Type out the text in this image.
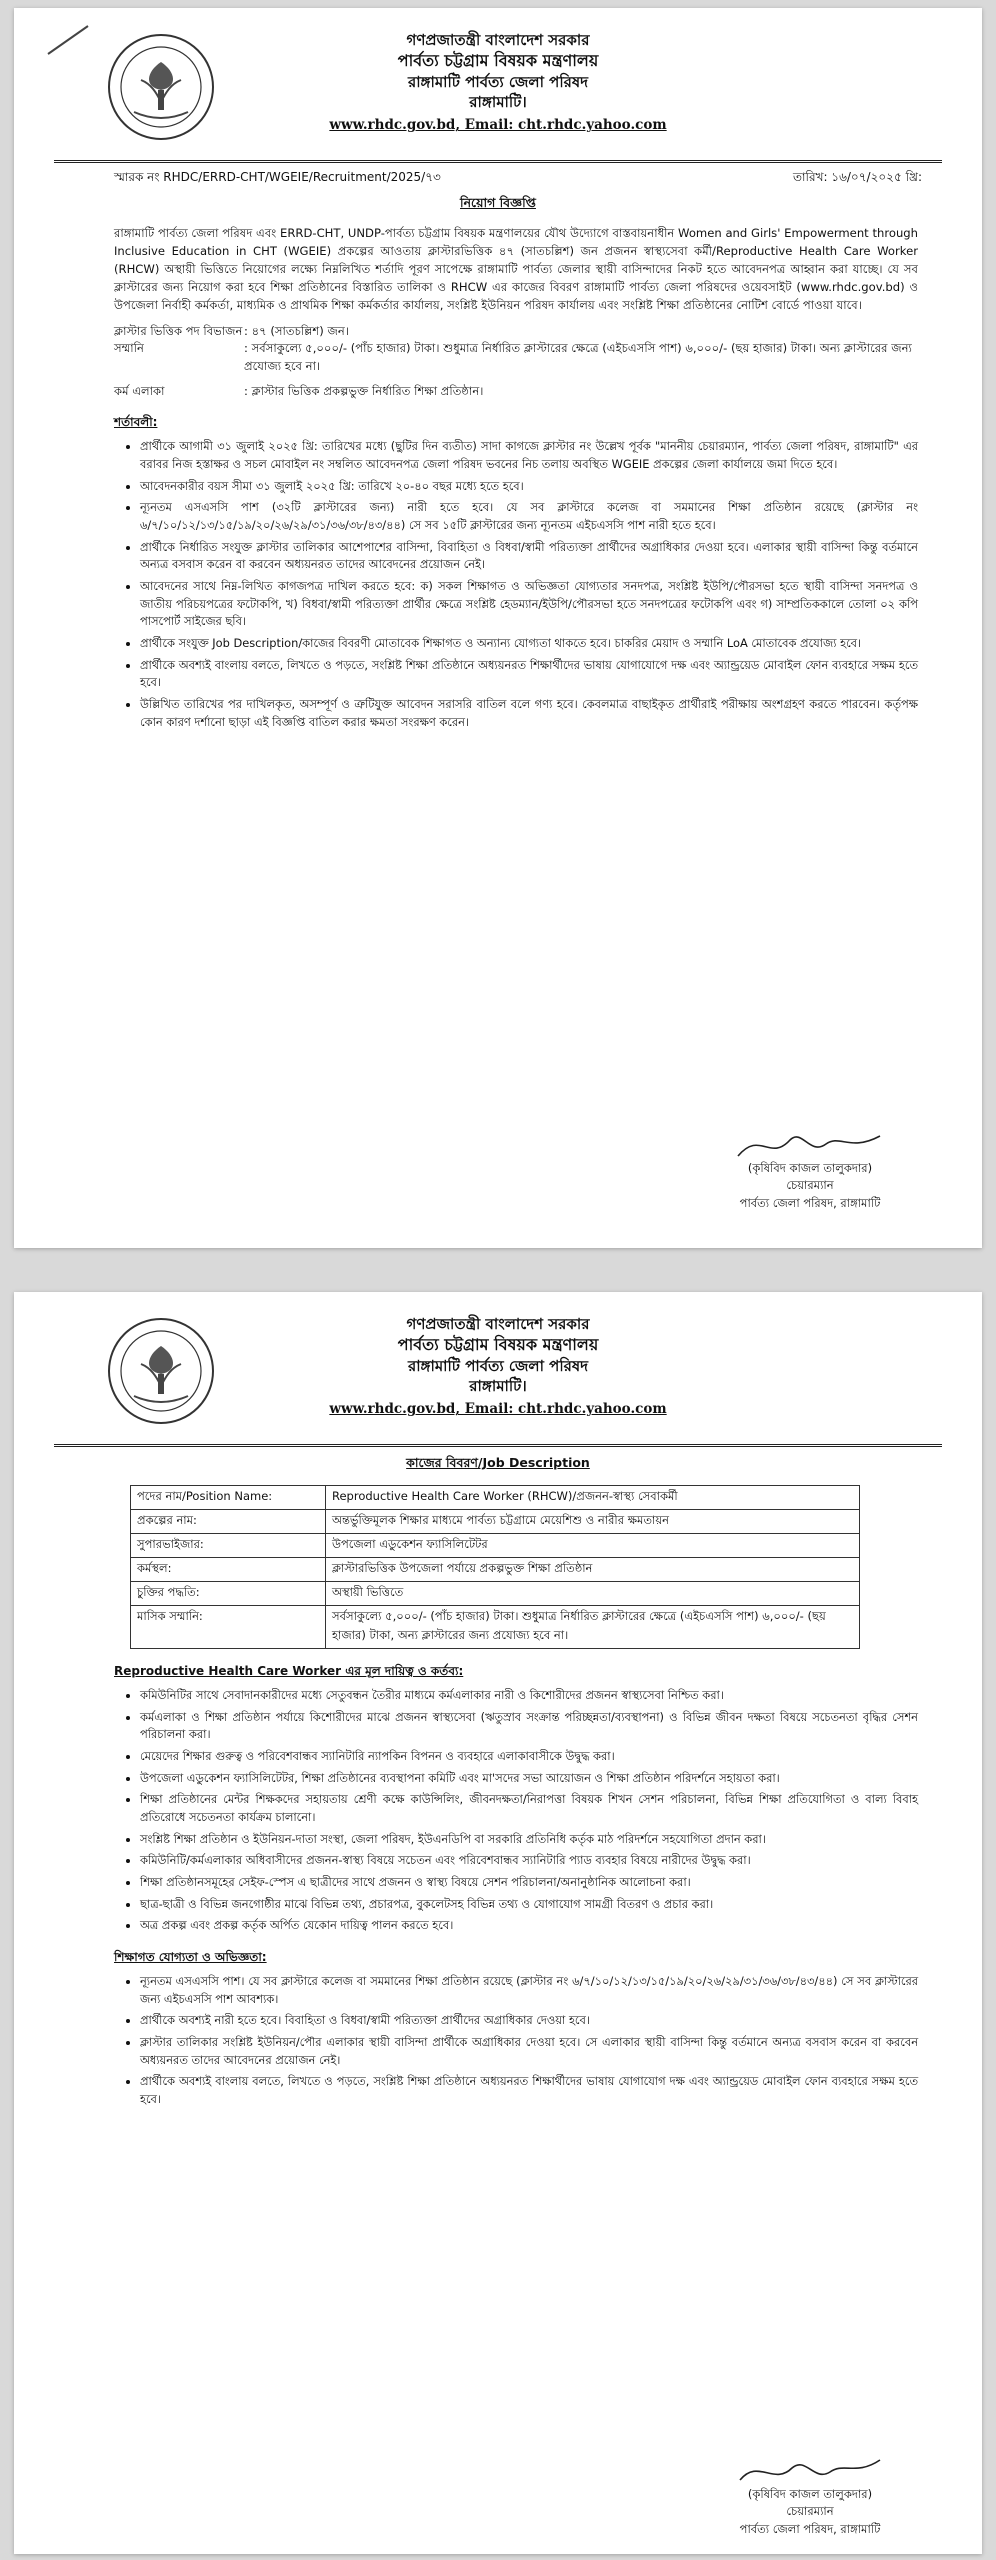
গণপ্রজাতন্ত্রী বাংলাদেশ সরকার
পার্বত্য চট্টগ্রাম বিষয়ক মন্ত্রণালয়
রাঙ্গামাটি পার্বত্য জেলা পরিষদ
রাঙ্গামাটি।
www.rhdc.gov.bd, Email: cht.rhdc.yahoo.com
স্মারক নং RHDC/ERRD-CHT/WGEIE/Recruitment/2025/৭৩	তারিখ: ১৬/০৭/২০২৫ খ্রি:
নিয়োগ বিজ্ঞপ্তি
রাঙ্গামাটি পার্বত্য জেলা পরিষদ এবং ERRD-CHT, UNDP-পার্বত্য চট্টগ্রাম বিষয়ক মন্ত্রণালয়ের যৌথ উদ্যোগে বাস্তবায়নাধীন Women and Girls' Empowerment through Inclusive Education in CHT (WGEIE) প্রকল্পের আওতায় ক্লাস্টারভিত্তিক ৪৭ (সাতচল্লিশ) জন প্রজনন স্বাস্থ্যসেবা কর্মী/Reproductive Health Care Worker (RHCW) অস্থায়ী ভিত্তিতে নিয়োগের লক্ষ্যে নিম্নলিখিত শর্তাদি পূরণ সাপেক্ষে রাঙ্গামাটি পার্বত্য জেলার স্থায়ী বাসিন্দাদের নিকট হতে আবেদনপত্র আহ্বান করা যাচ্ছে। যে সব ক্লাস্টারের জন্য নিয়োগ করা হবে শিক্ষা প্রতিষ্ঠানের বিস্তারিত তালিকা ও RHCW এর কাজের বিবরণ রাঙ্গামাটি পার্বত্য জেলা পরিষদের ওয়েবসাইট (www.rhdc.gov.bd) ও উপজেলা নির্বাহী কর্মকর্তা, মাধ্যমিক ও প্রাথমিক শিক্ষা কর্মকর্তার কার্যালয়, সংশ্লিষ্ট ইউনিয়ন পরিষদ কার্যালয় এবং সংশ্লিষ্ট শিক্ষা প্রতিষ্ঠানের নোটিশ বোর্ডে পাওয়া যাবে।
ক্লাস্টার ভিত্তিক পদ বিভাজন : ৪৭ (সাতচল্লিশ) জন।
সম্মানি	: সর্বসাকুল্যে ৫,০০০/- (পাঁচ হাজার) টাকা। শুধুমাত্র নির্ধারিত ক্লাস্টারের ক্ষেত্রে (এইচএসসি পাশ) ৬,০০০/- (ছয় হাজার) টাকা। অন্য ক্লাস্টারের জন্য প্রযোজ্য হবে না।
কর্ম এলাকা	: ক্লাস্টার ভিত্তিক প্রকল্পভুক্ত নির্ধারিত শিক্ষা প্রতিষ্ঠান।
শর্তাবলী:
• প্রার্থীকে আগামী ৩১ জুলাই ২০২৫ খ্রি: তারিখের মধ্যে (ছুটির দিন ব্যতীত) সাদা কাগজে ক্লাস্টার নং উল্লেখ পূর্বক "মাননীয় চেয়ারম্যান, পার্বত্য জেলা পরিষদ, রাঙ্গামাটি" এর বরাবর নিজ হস্তাক্ষর ও সচল মোবাইল নং সম্বলিত আবেদনপত্র জেলা পরিষদ ভবনের নিচ তলায় অবস্থিত WGEIE প্রকল্পের জেলা কার্যালয়ে জমা দিতে হবে।
• আবেদনকারীর বয়স সীমা ৩১ জুলাই ২০২৫ খ্রি: তারিখে ২০-৪০ বছর মধ্যে হতে হবে।
• ন্যূনতম এসএসসি পাশ (৩২টি ক্লাস্টারের জন্য) নারী হতে হবে। যে সব ক্লাস্টারে কলেজ বা সমমানের শিক্ষা প্রতিষ্ঠান রয়েছে (ক্লাস্টার নং ৬/৭/১০/১২/১৩/১৫/১৯/২০/২৬/২৯/৩১/৩৬/৩৮/৪৩/৪৪) সে সব ১৫টি ক্লাস্টারের জন্য ন্যূনতম এইচএসসি পাশ নারী হতে হবে।
• প্রার্থীকে নির্ধারিত সংযুক্ত ক্লাস্টার তালিকার আশেপাশের বাসিন্দা, বিবাহিতা ও বিধবা/স্বামী পরিত্যক্তা প্রার্থীদের অগ্রাধিকার দেওয়া হবে। এলাকার স্থায়ী বাসিন্দা কিন্তু বর্তমানে অন্যত্র বসবাস করেন বা করবেন অধ্যয়নরত তাদের আবেদনের প্রয়োজন নেই।
• আবেদনের সাথে নিম্ন-লিখিত কাগজপত্র দাখিল করতে হবে: ক) সকল শিক্ষাগত ও অভিজ্ঞতা যোগ্যতার সনদপত্র, সংশ্লিষ্ট ইউপি/পৌরসভা হতে স্থায়ী বাসিন্দা সনদপত্র ও জাতীয় পরিচয়পত্রের ফটোকপি, খ) বিধবা/স্বামী পরিত্যক্তা প্রার্থীর ক্ষেত্রে সংশ্লিষ্ট হেডম্যান/ইউপি/পৌরসভা হতে সনদপত্রের ফটোকপি এবং গ) সাম্প্রতিককালে তোলা ০২ কপি পাসপোর্ট সাইজের ছবি।
• প্রার্থীকে সংযুক্ত Job Description/কাজের বিবরণী মোতাবেক শিক্ষাগত ও অন্যান্য যোগ্যতা থাকতে হবে। চাকরির মেয়াদ ও সম্মানি LoA মোতাবেক প্রযোজ্য হবে।
• প্রার্থীকে অবশ্যই বাংলায় বলতে, লিখতে ও পড়তে, সংশ্লিষ্ট শিক্ষা প্রতিষ্ঠানে অধ্যয়নরত শিক্ষার্থীদের ভাষায় যোগাযোগে দক্ষ এবং অ্যান্ড্রয়েড মোবাইল ফোন ব্যবহারে সক্ষম হতে হবে।
• উল্লিখিত তারিখের পর দাখিলকৃত, অসম্পূর্ণ ও ত্রুটিযুক্ত আবেদন সরাসরি বাতিল বলে গণ্য হবে। কেবলমাত্র বাছাইকৃত প্রার্থীরাই পরীক্ষায় অংশগ্রহণ করতে পারবেন। কর্তৃপক্ষ কোন কারণ দর্শানো ছাড়া এই বিজ্ঞপ্তি বাতিল করার ক্ষমতা সংরক্ষণ করেন।
(কৃষিবিদ কাজল তালুকদার)
চেয়ারম্যান
পার্বত্য জেলা পরিষদ, রাঙ্গামাটি
গণপ্রজাতন্ত্রী বাংলাদেশ সরকার
পার্বত্য চট্টগ্রাম বিষয়ক মন্ত্রণালয়
রাঙ্গামাটি পার্বত্য জেলা পরিষদ
রাঙ্গামাটি।
www.rhdc.gov.bd, Email: cht.rhdc.yahoo.com
কাজের বিবরণ/Job Description
পদের নাম/Position Name:	Reproductive Health Care Worker (RHCW)/প্রজনন-স্বাস্থ্য সেবাকর্মী
প্রকল্পের নাম:	অন্তর্ভুক্তিমূলক শিক্ষার মাধ্যমে পার্বত্য চট্টগ্রামে মেয়েশিশু ও নারীর ক্ষমতায়ন
সুপারভাইজার:	উপজেলা এডুকেশন ফ্যাসিলিটেটর
কর্মস্থল:	ক্লাস্টারভিত্তিক উপজেলা পর্যায়ে প্রকল্পভুক্ত শিক্ষা প্রতিষ্ঠান
চুক্তির পদ্ধতি:	অস্থায়ী ভিত্তিতে
মাসিক সম্মানি:	সর্বসাকুল্যে ৫,০০০/- (পাঁচ হাজার) টাকা। শুধুমাত্র নির্ধারিত ক্লাস্টারের ক্ষেত্রে (এইচএসসি পাশ) ৬,০০০/- (ছয় হাজার) টাকা, অন্য ক্লাস্টারের জন্য প্রযোজ্য হবে না।
Reproductive Health Care Worker এর মূল দায়িত্ব ও কর্তব্য:
• কমিউনিটির সাথে সেবাদানকারীদের মধ্যে সেতুবন্ধন তৈরীর মাধ্যমে কর্মএলাকার নারী ও কিশোরীদের প্রজনন স্বাস্থ্যসেবা নিশ্চিত করা।
• কর্মএলাকা ও শিক্ষা প্রতিষ্ঠান পর্যায়ে কিশোরীদের মাঝে প্রজনন স্বাস্থ্যসেবা (ঋতুস্রাব সংক্রান্ত পরিচ্ছন্নতা/ব্যবস্থাপনা) ও বিভিন্ন জীবন দক্ষতা বিষয়ে সচেতনতা বৃদ্ধির সেশন পরিচালনা করা।
• মেয়েদের শিক্ষার গুরুত্ব ও পরিবেশবান্ধব স্যানিটারি ন্যাপকিন বিপনন ও ব্যবহারে এলাকাবাসীকে উদ্বুদ্ধ করা।
• উপজেলা এডুকেশন ফ্যাসিলিটেটর, শিক্ষা প্রতিষ্ঠানের ব্যবস্থাপনা কমিটি এবং মা'সদের সভা আয়োজন ও শিক্ষা প্রতিষ্ঠান পরিদর্শনে সহায়তা করা।
• শিক্ষা প্রতিষ্ঠানের মেন্টর শিক্ষকদের সহায়তায় শ্রেণী কক্ষে কাউন্সিলিং, জীবনদক্ষতা/নিরাপত্তা বিষয়ক শিখন সেশন পরিচালনা, বিভিন্ন শিক্ষা প্রতিযোগিতা ও বাল্য বিবাহ প্রতিরোধে সচেতনতা কার্যক্রম চালানো।
• সংশ্লিষ্ট শিক্ষা প্রতিষ্ঠান ও ইউনিয়ন-দাতা সংস্থা, জেলা পরিষদ, ইউএনডিপি বা সরকারি প্রতিনিধি কর্তৃক মাঠ পরিদর্শনে সহযোগিতা প্রদান করা।
• কমিউনিটি/কর্মএলাকার অধিবাসীদের প্রজনন-স্বাস্থ্য বিষয়ে সচেতন এবং পরিবেশবান্ধব স্যানিটারি প্যাড ব্যবহার বিষয়ে নারীদের উদ্বুদ্ধ করা।
• শিক্ষা প্রতিষ্ঠানসমূহের সেইফ-স্পেস এ ছাত্রীদের সাথে প্রজনন ও স্বাস্থ্য বিষয়ে সেশন পরিচালনা/অনানুষ্ঠানিক আলোচনা করা।
• ছাত্র-ছাত্রী ও বিভিন্ন জনগোষ্ঠীর মাঝে বিভিন্ন তথ্য, প্রচারপত্র, বুকলেটসহ বিভিন্ন তথ্য ও যোগাযোগ সামগ্রী বিতরণ ও প্রচার করা।
• অত্র প্রকল্প এবং প্রকল্প কর্তৃক অর্পিত যেকোন দায়িত্ব পালন করতে হবে।
শিক্ষাগত যোগ্যতা ও অভিজ্ঞতা:
• ন্যূনতম এসএসসি পাশ। যে সব ক্লাস্টারে কলেজ বা সমমানের শিক্ষা প্রতিষ্ঠান রয়েছে (ক্লাস্টার নং ৬/৭/১০/১২/১৩/১৫/১৯/২০/২৬/২৯/৩১/৩৬/৩৮/৪৩/৪৪) সে সব ক্লাস্টারের জন্য এইচএসসি পাশ আবশ্যক।
• প্রার্থীকে অবশ্যই নারী হতে হবে। বিবাহিতা ও বিধবা/স্বামী পরিত্যক্তা প্রার্থীদের অগ্রাধিকার দেওয়া হবে।
• ক্লাস্টার তালিকার সংশ্লিষ্ট ইউনিয়ন/পৌর এলাকার স্থায়ী বাসিন্দা প্রার্থীকে অগ্রাধিকার দেওয়া হবে। সে এলাকার স্থায়ী বাসিন্দা কিন্তু বর্তমানে অন্যত্র বসবাস করেন বা করবেন অধ্যয়নরত তাদের আবেদনের প্রয়োজন নেই।
• প্রার্থীকে অবশ্যই বাংলায় বলতে, লিখতে ও পড়তে, সংশ্লিষ্ট শিক্ষা প্রতিষ্ঠানে অধ্যয়নরত শিক্ষার্থীদের ভাষায় যোগাযোগ দক্ষ এবং অ্যান্ড্রয়েড মোবাইল ফোন ব্যবহারে সক্ষম হতে হবে।
(কৃষিবিদ কাজল তালুকদার)
চেয়ারম্যান
পার্বত্য জেলা পরিষদ, রাঙ্গামাটি
